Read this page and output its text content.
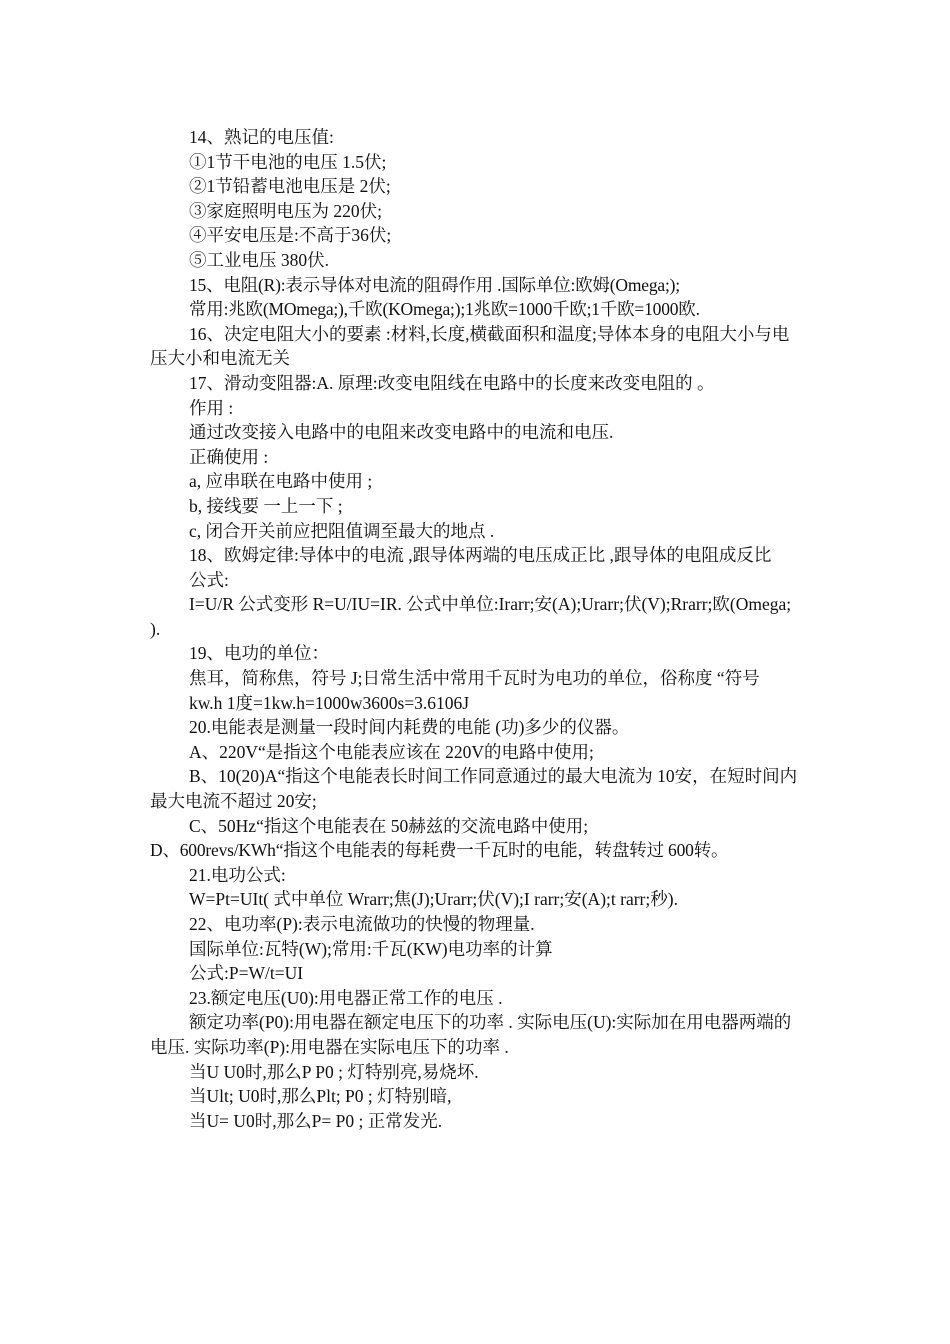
14、熟记的电压值:

①1节干电池的电压 1.5伏;

②1节铅蓄电池电压是 2伏;

③家庭照明电压为 220伏;

④平安电压是:不高于36伏;

⑤工业电压 380伏.

15、电阻(R):表示导体对电流的阻碍作用 .国际单位:欧姆(Omega;);

常用:兆欧(MOmega;),千欧(KOmega;);1兆欧=1000千欧;1千欧=1000欧.

16、决定电阻大小的要素 :材料,长度,横截面积和温度;导体本身的电阻大小与电压大小和电流无关

17、滑动变阻器:A. 原理:改变电阻线在电路中的长度来改变电阻的 。

作用 :

通过改变接入电路中的电阻来改变电路中的电流和电压.

正确使用 :

a, 应串联在电路中使用 ;

b, 接线要 一上一下 ;

c, 闭合开关前应把阻值调至最大的地点 .

18、欧姆定律:导体中的电流 ,跟导体两端的电压成正比 ,跟导体的电阻成反比

公式:

I=U/R 公式变形 R=U/IU=IR. 公式中单位:Irarr;安(A);Urarr;伏(V);Rrarr;欧(Omega; ).

19、电功的单位：

焦耳，简称焦，符号 J;日常生活中常用千瓦时为电功的单位，俗称度 “符号

kw.h 1度=1kw.h=1000w3600s=3.6106J

20.电能表是测量一段时间内耗费的电能 (功)多少的仪器。

A、220V“是指这个电能表应该在 220V的电路中使用;

B、10(20)A“指这个电能表长时间工作同意通过的最大电流为 10安，在短时间内最大电流不超过 20安;

C、50Hz“指这个电能表在 50赫兹的交流电路中使用;

D、600revs/KWh“指这个电能表的每耗费一千瓦时的电能，转盘转过 600转。

21.电功公式:

W=Pt=UIt( 式中单位 Wrarr;焦(J);Urarr;伏(V);I rarr;安(A);t rarr;秒).

22、电功率(P):表示电流做功的快慢的物理量.

国际单位:瓦特(W);常用:千瓦(KW)电功率的计算

公式:P=W/t=UI

23.额定电压(U0):用电器正常工作的电压 .

额定功率(P0):用电器在额定电压下的功率 . 实际电压(U):实际加在用电器两端的电压. 实际功率(P):用电器在实际电压下的功率 .

当U U0时,那么P P0 ; 灯特别亮,易烧坏.

当Ult; U0时,那么Plt; P0 ; 灯特别暗,

当U= U0时,那么P= P0 ; 正常发光.
